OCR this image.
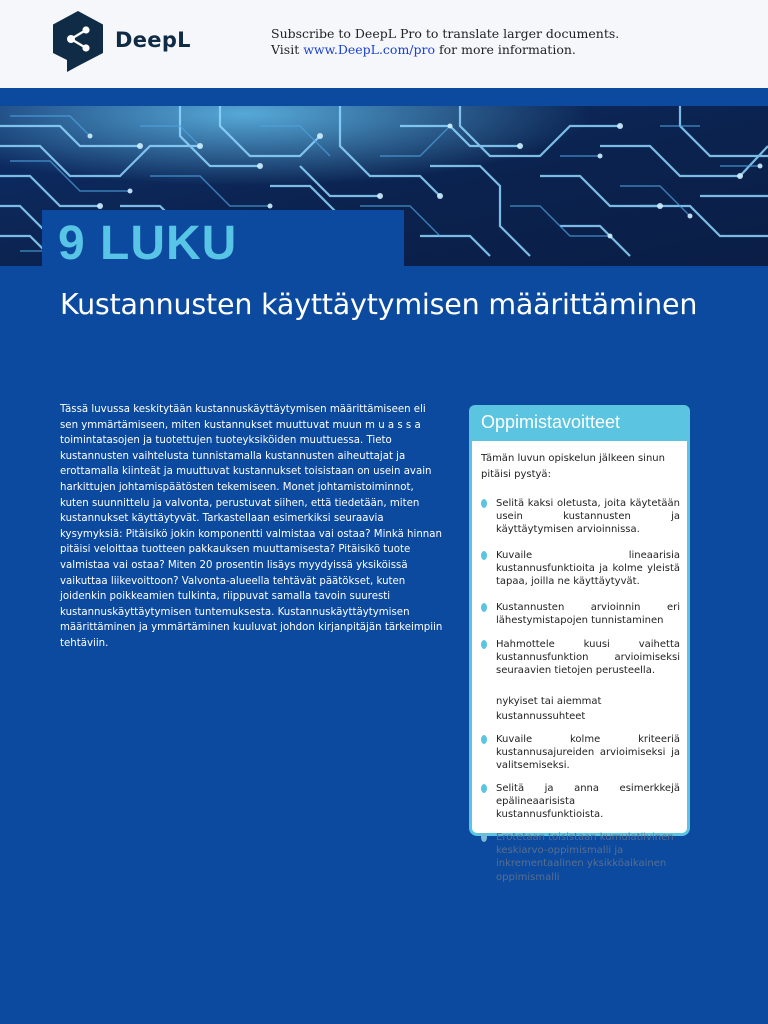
DeepL	Subscribe to DeepL Pro to translate larger documents.
Visit www.DeepL.com/pro for more information.
9 LUKU
Kustannusten käyttäytymisen määrittäminen

Tässä luvussa keskitytään kustannuskäyttäytymisen määrittämiseen eli sen ymmärtämiseen, miten kustannukset muuttuvat muun m u a s s a toimintatasojen ja tuotettujen tuoteyksiköiden muuttuessa. Tieto kustannusten vaihtelusta tunnistamalla kustannusten aiheuttajat ja erottamalla kiinteät ja muuttuvat kustannukset toisistaan on usein avain harkittujen johtamispäätösten tekemiseen. Monet johtamistoiminnot, kuten suunnittelu ja valvonta, perustuvat siihen, että tiedetään, miten kustannukset käyttäytyvät. Tarkastellaan esimerkiksi seuraavia kysymyksiä: Pitäisikö jokin komponentti valmistaa vai ostaa? Minkä hinnan pitäisi veloittaa tuotteen pakkauksen muuttamisesta? Pitäisikö tuote valmistaa vai ostaa? Miten 20 prosentin lisäys myydyissä yksiköissä vaikuttaa liikevoittoon? Valvonta-alueella tehtävät päätökset, kuten joidenkin poikkeamien tulkinta, riippuvat samalla tavoin suuresti kustannuskäyttäytymisen tuntemuksesta. Kustannuskäyttäytymisen määrittäminen ja ymmärtäminen kuuluvat johdon kirjanpitäjän tärkeimpiin tehtäviin.

Oppimistavoitteet
Tämän luvun opiskelun jälkeen sinun pitäisi pystyä:
Selitä kaksi oletusta, joita käytetään usein kustannusten ja käyttäytymisen arvioinnissa.
Kuvaile lineaarisia kustannusfunktioita ja kolme yleistä tapaa, joilla ne käyttäytyvät.
Kustannusten arvioinnin eri lähestymistapojen tunnistaminen
Hahmottele kuusi vaihetta kustannusfunktion arvioimiseksi seuraavien tietojen perusteella.
nykyiset tai aiemmat kustannussuhteet
Kuvaile kolme kriteeriä kustannusajureiden arvioimiseksi ja valitsemiseksi.
Selitä ja anna esimerkkejä epälineaarisista kustannusfunktioista.
Erotetaan toisistaan kumulatiivinen keskiarvo-oppimismalli ja inkrementaalinen yksikköaikainen oppimismalli
